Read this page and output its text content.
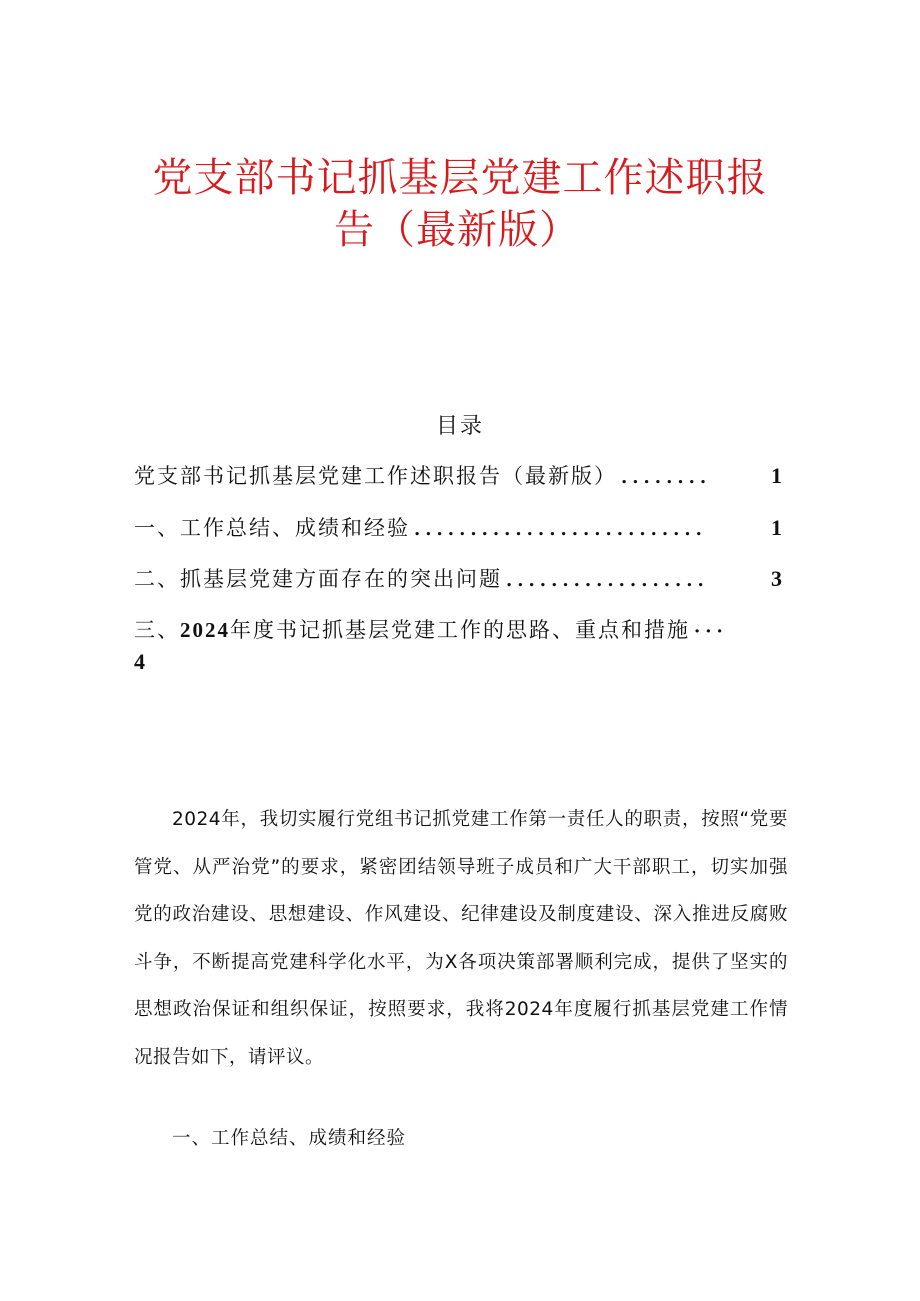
党支部书记抓基层党建工作述职报
告（最新版）
目录
党支部书记抓基层党建工作述职报告（最新版） ........	1
一、工作总结、成绩和经验 ..........................	1
二、抓基层党建方面存在的突出问题 ..................	3
三、2024年度书记抓基层党建工作的思路、重点和措施 ···
4

2024年，我切实履行党组书记抓党建工作第一责任人的职责，按照“党要管党、从严治党”的要求，紧密团结领导班子成员和广大干部职工，切实加强党的政治建设、思想建设、作风建设、纪律建设及制度建设、深入推进反腐败斗争，不断提高党建科学化水平，为X各项决策部署顺利完成，提供了坚实的思想政治保证和组织保证，按照要求，我将2024年度履行抓基层党建工作情况报告如下，请评议。

一、工作总结、成绩和经验
